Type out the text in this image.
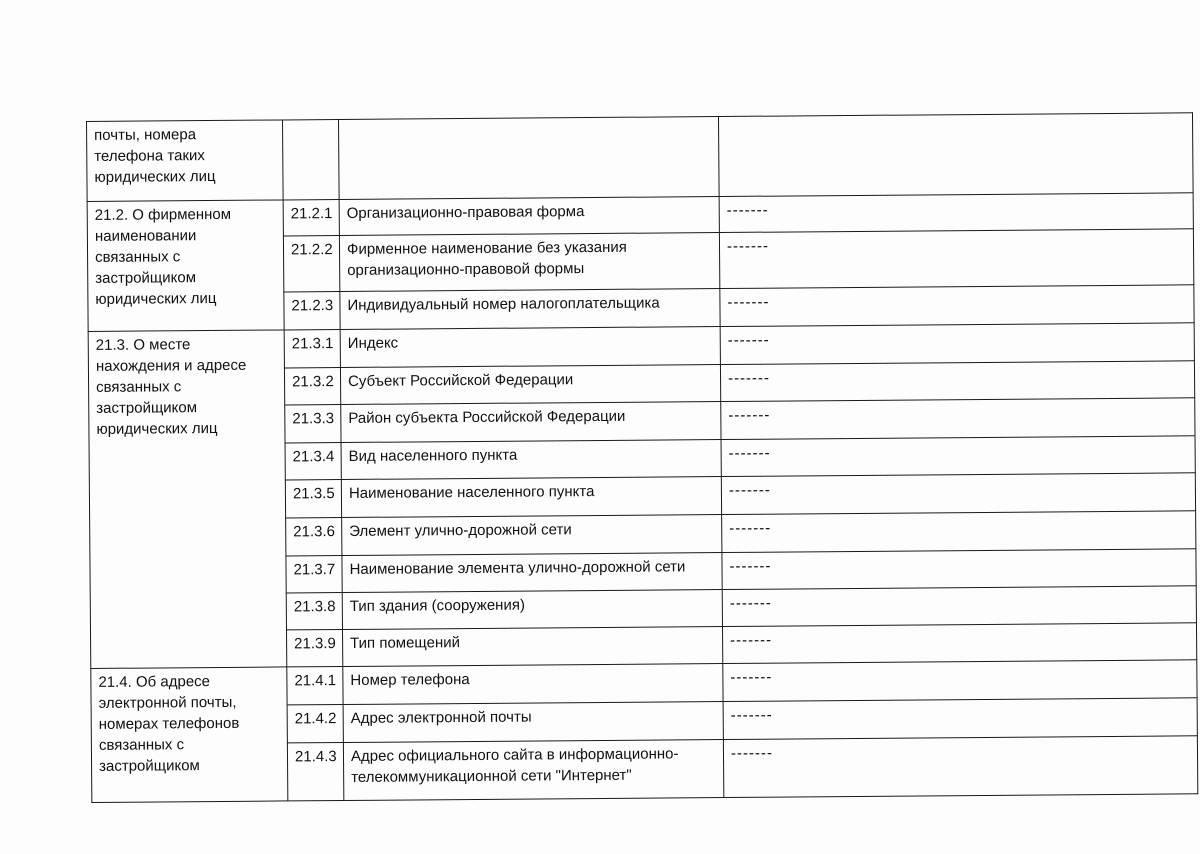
почты, номера
телефона таких
юридических лиц			

21.2. О фирменном
наименовании
связанных с
застройщиком
юридических лиц	21.2.1	Организационно-правовая форма	-------
	21.2.2	Фирменное наименование без указания
организационно-правовой формы	-------
	21.2.3	Индивидуальный номер налогоплательщика	-------

21.3. О месте
нахождения и адресе
связанных с
застройщиком
юридических лиц	21.3.1	Индекс	-------
	21.3.2	Субъект Российской Федерации	-------
	21.3.3	Район субъекта Российской Федерации	-------
	21.3.4	Вид населенного пункта	-------
	21.3.5	Наименование населенного пункта	-------
	21.3.6	Элемент улично-дорожной сети	-------
	21.3.7	Наименование элемента улично-дорожной сети	-------
	21.3.8	Тип здания (сооружения)	-------
	21.3.9	Тип помещений	-------

21.4. Об адресе
электронной почты,
номерах телефонов
связанных с
застройщиком	21.4.1	Номер телефона	-------
	21.4.2	Адрес электронной почты	-------
	21.4.3	Адрес официального сайта в информационно-
телекоммуникационной сети "Интернет"	-------
